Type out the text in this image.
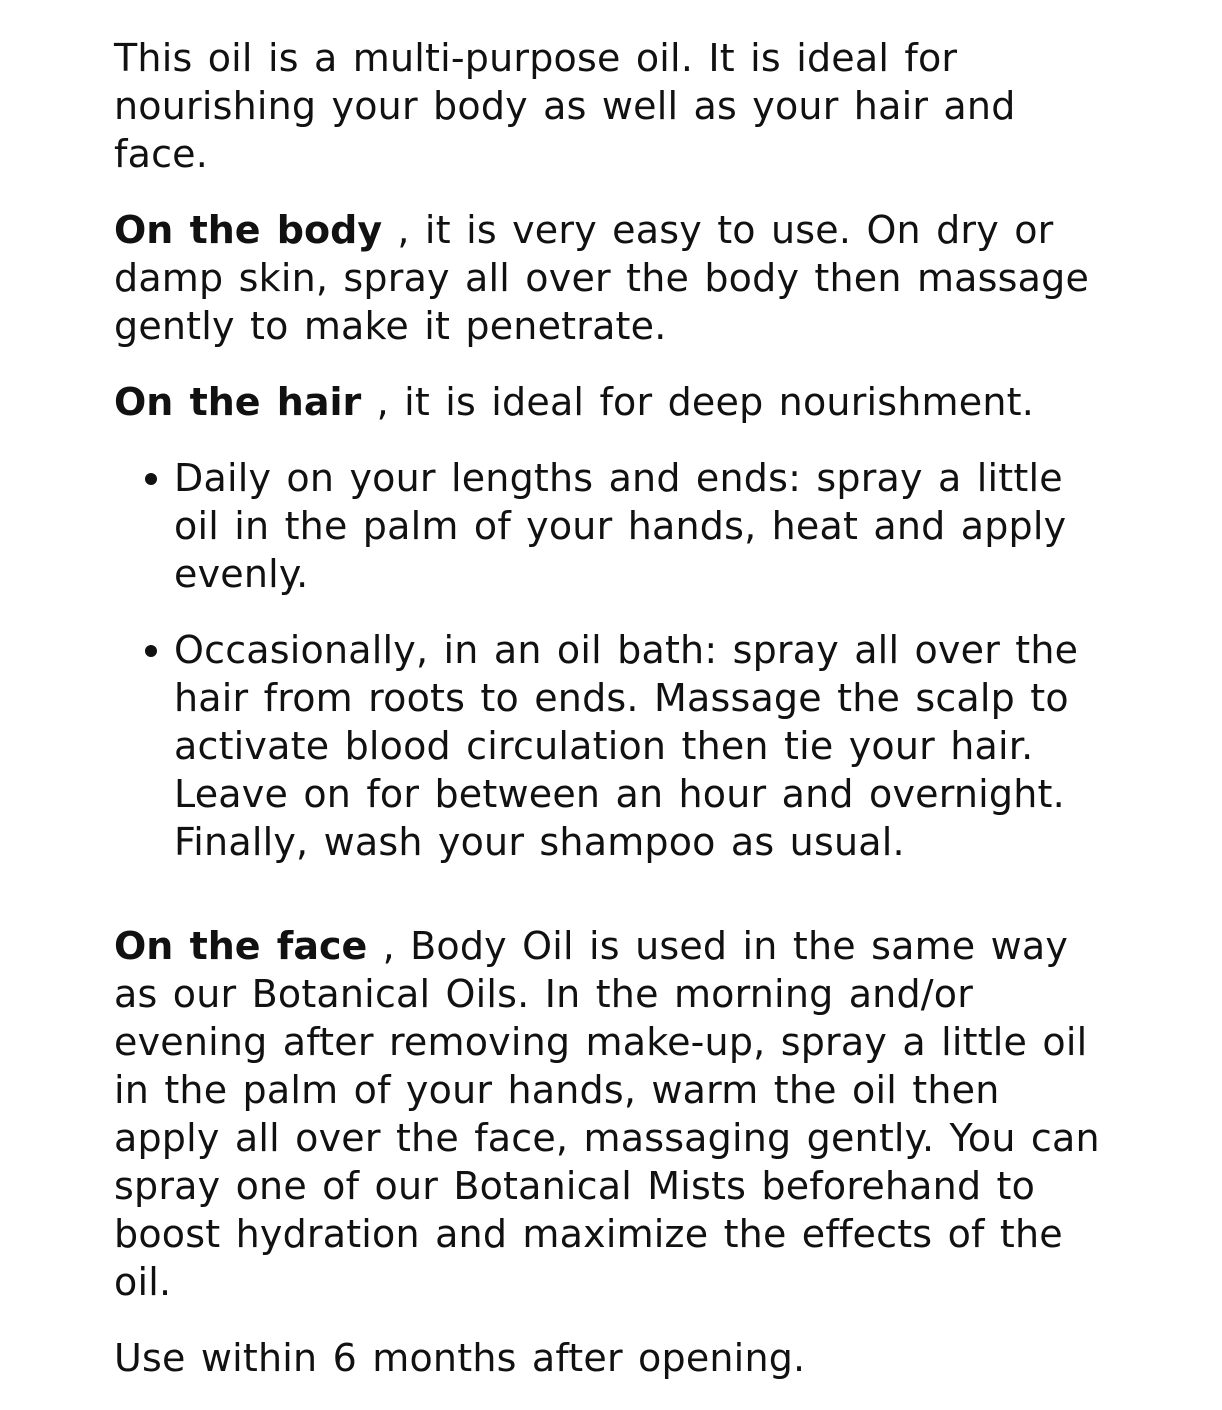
This oil is a multi-purpose oil. It is ideal for nourishing your body as well as your hair and face.

On the body , it is very easy to use. On dry or damp skin, spray all over the body then massage gently to make it penetrate.

On the hair , it is ideal for deep nourishment.

Daily on your lengths and ends: spray a little oil in the palm of your hands, heat and apply evenly.
Occasionally, in an oil bath: spray all over the hair from roots to ends. Massage the scalp to activate blood circulation then tie your hair. Leave on for between an hour and overnight. Finally, wash your shampoo as usual.

On the face , Body Oil is used in the same way as our Botanical Oils. In the morning and/or evening after removing make-up, spray a little oil in the palm of your hands, warm the oil then apply all over the face, massaging gently. You can spray one of our Botanical Mists beforehand to boost hydration and maximize the effects of the oil.

Use within 6 months after opening.
